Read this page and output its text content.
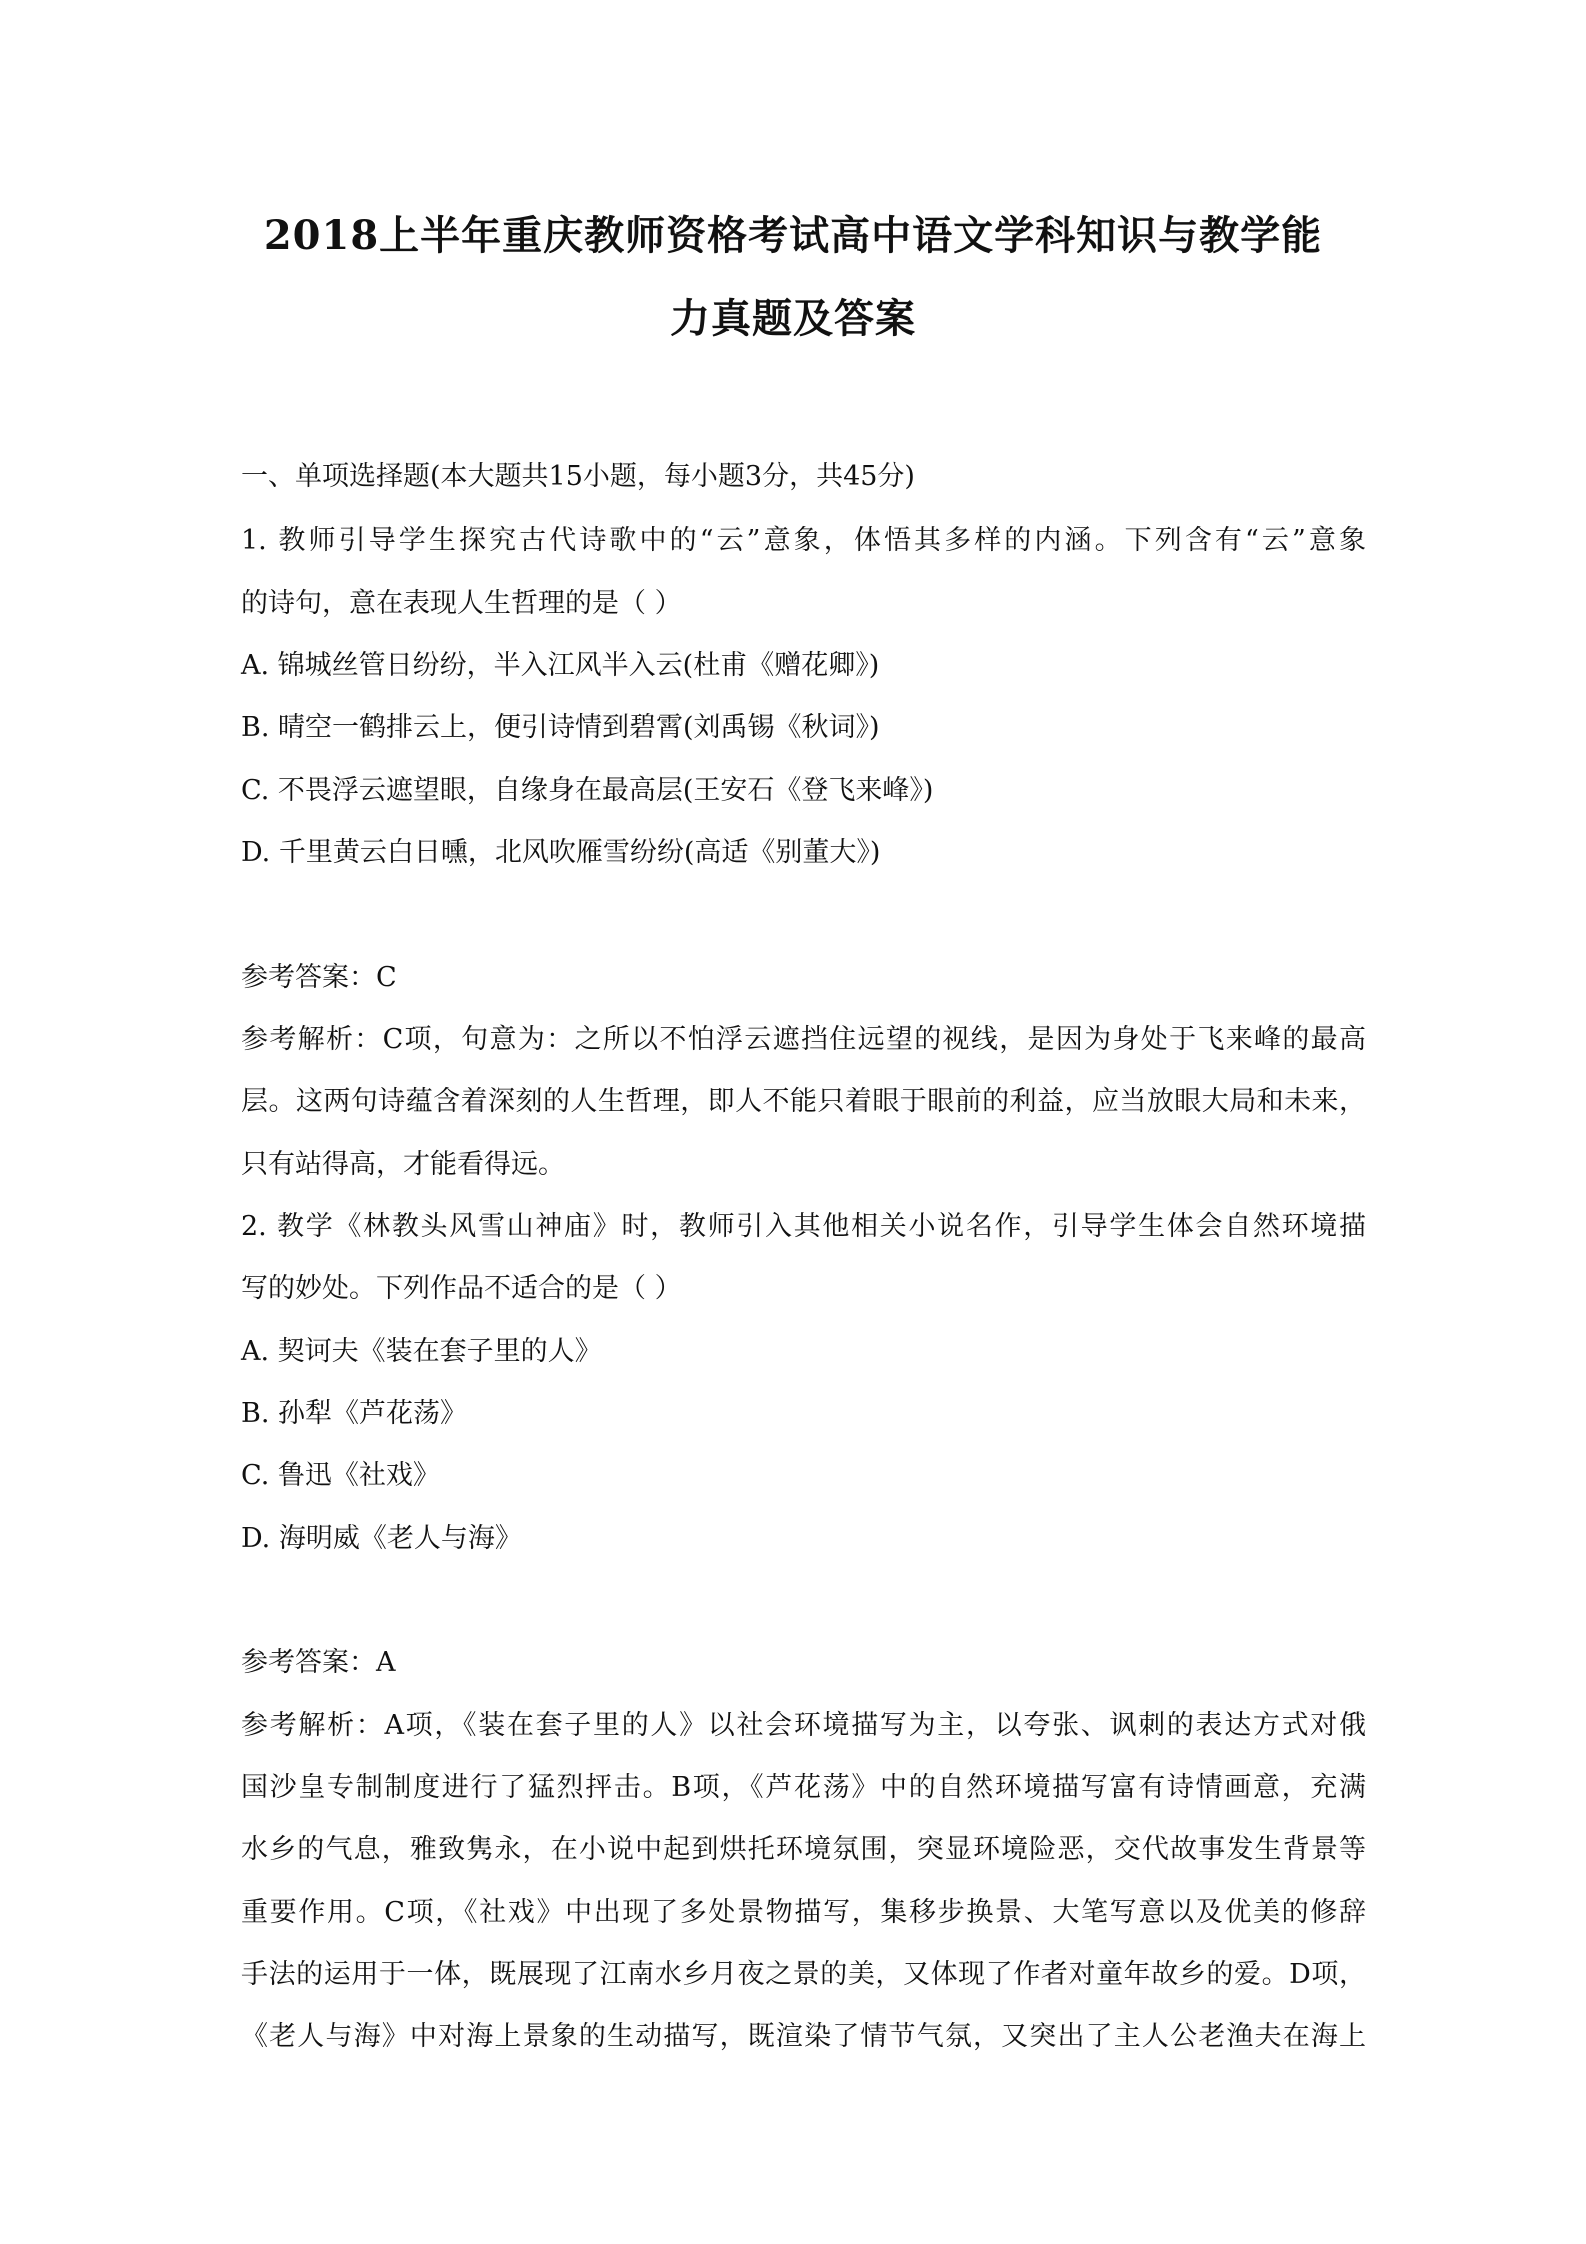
2018上半年重庆教师资格考试高中语文学科知识与教学能
力真题及答案
一、单项选择题(本大题共15小题，每小题3分，共45分)
1. 教师引导学生探究古代诗歌中的“云”意象，体悟其多样的内涵。下列含有“云”意象
的诗句，意在表现人生哲理的是（ ）
A. 锦城丝管日纷纷，半入江风半入云(杜甫《赠花卿》)
B. 晴空一鹤排云上，便引诗情到碧霄(刘禹锡《秋词》)
C. 不畏浮云遮望眼，自缘身在最高层(王安石《登飞来峰》)
D. 千里黄云白日曛，北风吹雁雪纷纷(高适《别董大》)
参考答案：C
参考解析：C项，句意为：之所以不怕浮云遮挡住远望的视线，是因为身处于飞来峰的最高
层。这两句诗蕴含着深刻的人生哲理，即人不能只着眼于眼前的利益，应当放眼大局和未来，
只有站得高，才能看得远。
2. 教学《林教头风雪山神庙》时，教师引入其他相关小说名作，引导学生体会自然环境描
写的妙处。下列作品不适合的是（ ）
A. 契诃夫《装在套子里的人》
B. 孙犁《芦花荡》
C. 鲁迅《社戏》
D. 海明威《老人与海》
参考答案：A
参考解析：A项，《装在套子里的人》以社会环境描写为主，以夸张、讽刺的表达方式对俄
国沙皇专制制度进行了猛烈抨击。B项，《芦花荡》中的自然环境描写富有诗情画意，充满
水乡的气息，雅致隽永，在小说中起到烘托环境氛围，突显环境险恶，交代故事发生背景等
重要作用。C项，《社戏》中出现了多处景物描写，集移步换景、大笔写意以及优美的修辞
手法的运用于一体，既展现了江南水乡月夜之景的美，又体现了作者对童年故乡的爱。D项，
《老人与海》中对海上景象的生动描写，既渲染了情节气氛，又突出了主人公老渔夫在海上
